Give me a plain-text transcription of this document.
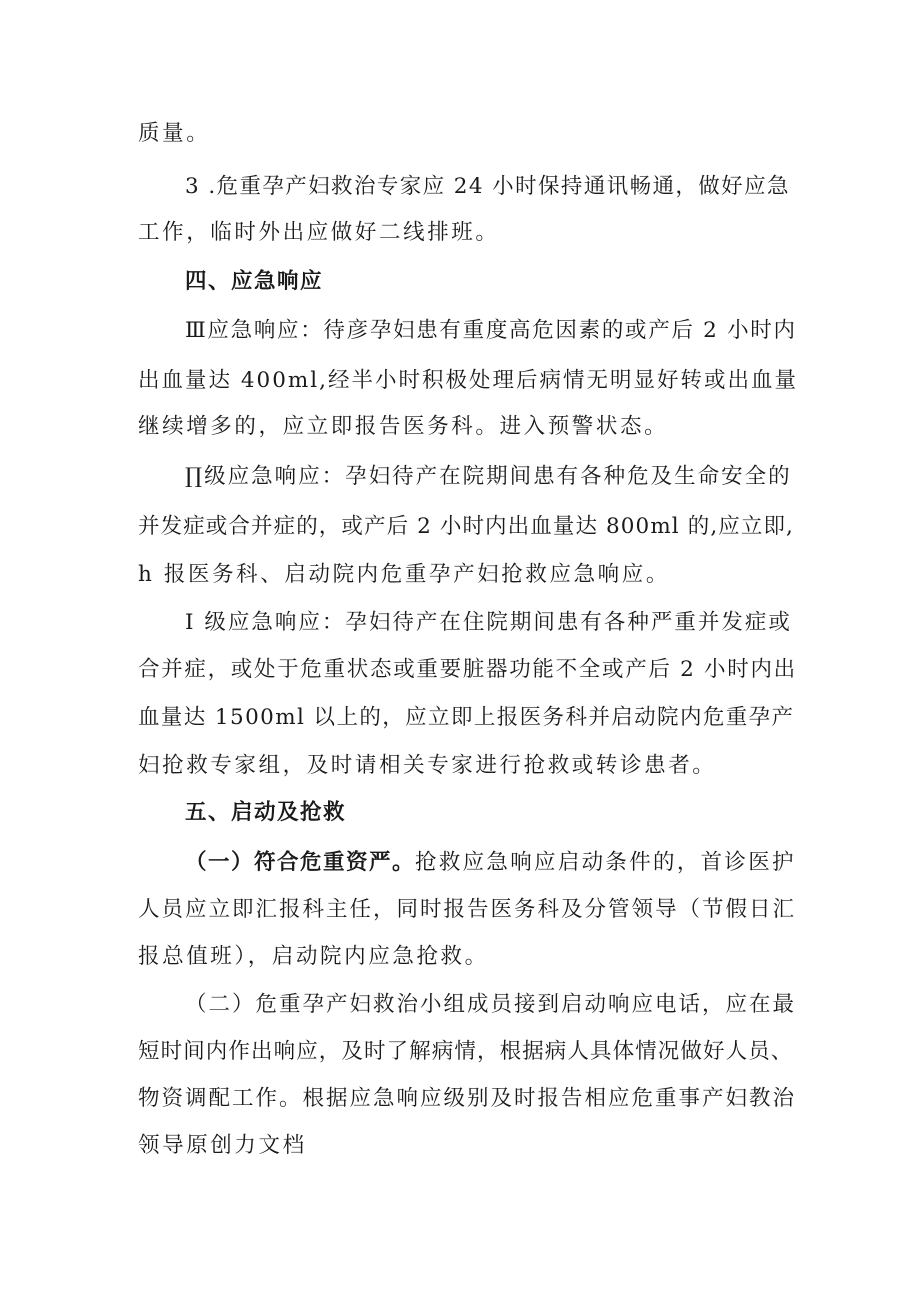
质量。
3 .危重孕产妇救治专家应 24 小时保持通讯畅通，做好应急
工作，临时外出应做好二线排班。
四、应急响应
Ⅲ应急响应：待彦孕妇患有重度高危因素的或产后 2 小时内
出血量达 400ml,经半小时积极处理后病情无明显好转或出血量
继续增多的，应立即报告医务科。进入预警状态。
∏级应急响应：孕妇待产在院期间患有各种危及生命安全的
并发症或合并症的，或产后 2 小时内出血量达 800ml 的,应立即,
h 报医务科、启动院内危重孕产妇抢救应急响应。
I 级应急响应：孕妇待产在住院期间患有各种严重并发症或
合并症，或处于危重状态或重要脏器功能不全或产后 2 小时内出
血量达 1500ml 以上的，应立即上报医务科并启动院内危重孕产
妇抢救专家组，及时请相关专家进行抢救或转诊患者。
五、启动及抢救
（一）符合危重资严。抢救应急响应启动条件的，首诊医护
人员应立即汇报科主任，同时报告医务科及分管领导（节假日汇
报总值班），启动院内应急抢救。
（二）危重孕产妇救治小组成员接到启动响应电话，应在最
短时间内作出响应，及时了解病情，根据病人具体情况做好人员、
物资调配工作。根据应急响应级别及时报告相应危重事产妇教治
领导原创力文档
